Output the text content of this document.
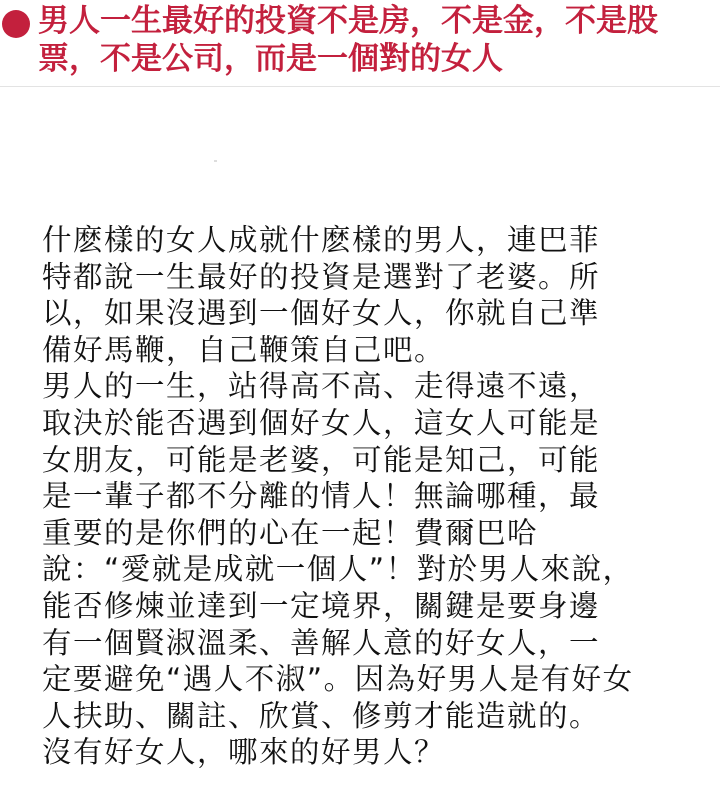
男人一生最好的投資不是房，不是金，不是股票，不是公司，而是一個對的女人
什麽樣的女人成就什麽樣的男人，連巴菲
特都說一生最好的投資是選對了老婆。所
以，如果沒遇到一個好女人，你就自己準
備好馬鞭，自己鞭策自己吧。
男人的一生，站得高不高、走得遠不遠，
取決於能否遇到個好女人，這女人可能是
女朋友，可能是老婆，可能是知己，可能
是一輩子都不分離的情人！無論哪種，最
重要的是你們的心在一起！費爾巴哈
說：“愛就是成就一個人”！對於男人來說，
能否修煉並達到一定境界，關鍵是要身邊
有一個賢淑溫柔、善解人意的好女人，一
定要避免“遇人不淑”。因為好男人是有好女
人扶助、關註、欣賞、修剪才能造就的。
沒有好女人，哪來的好男人？
